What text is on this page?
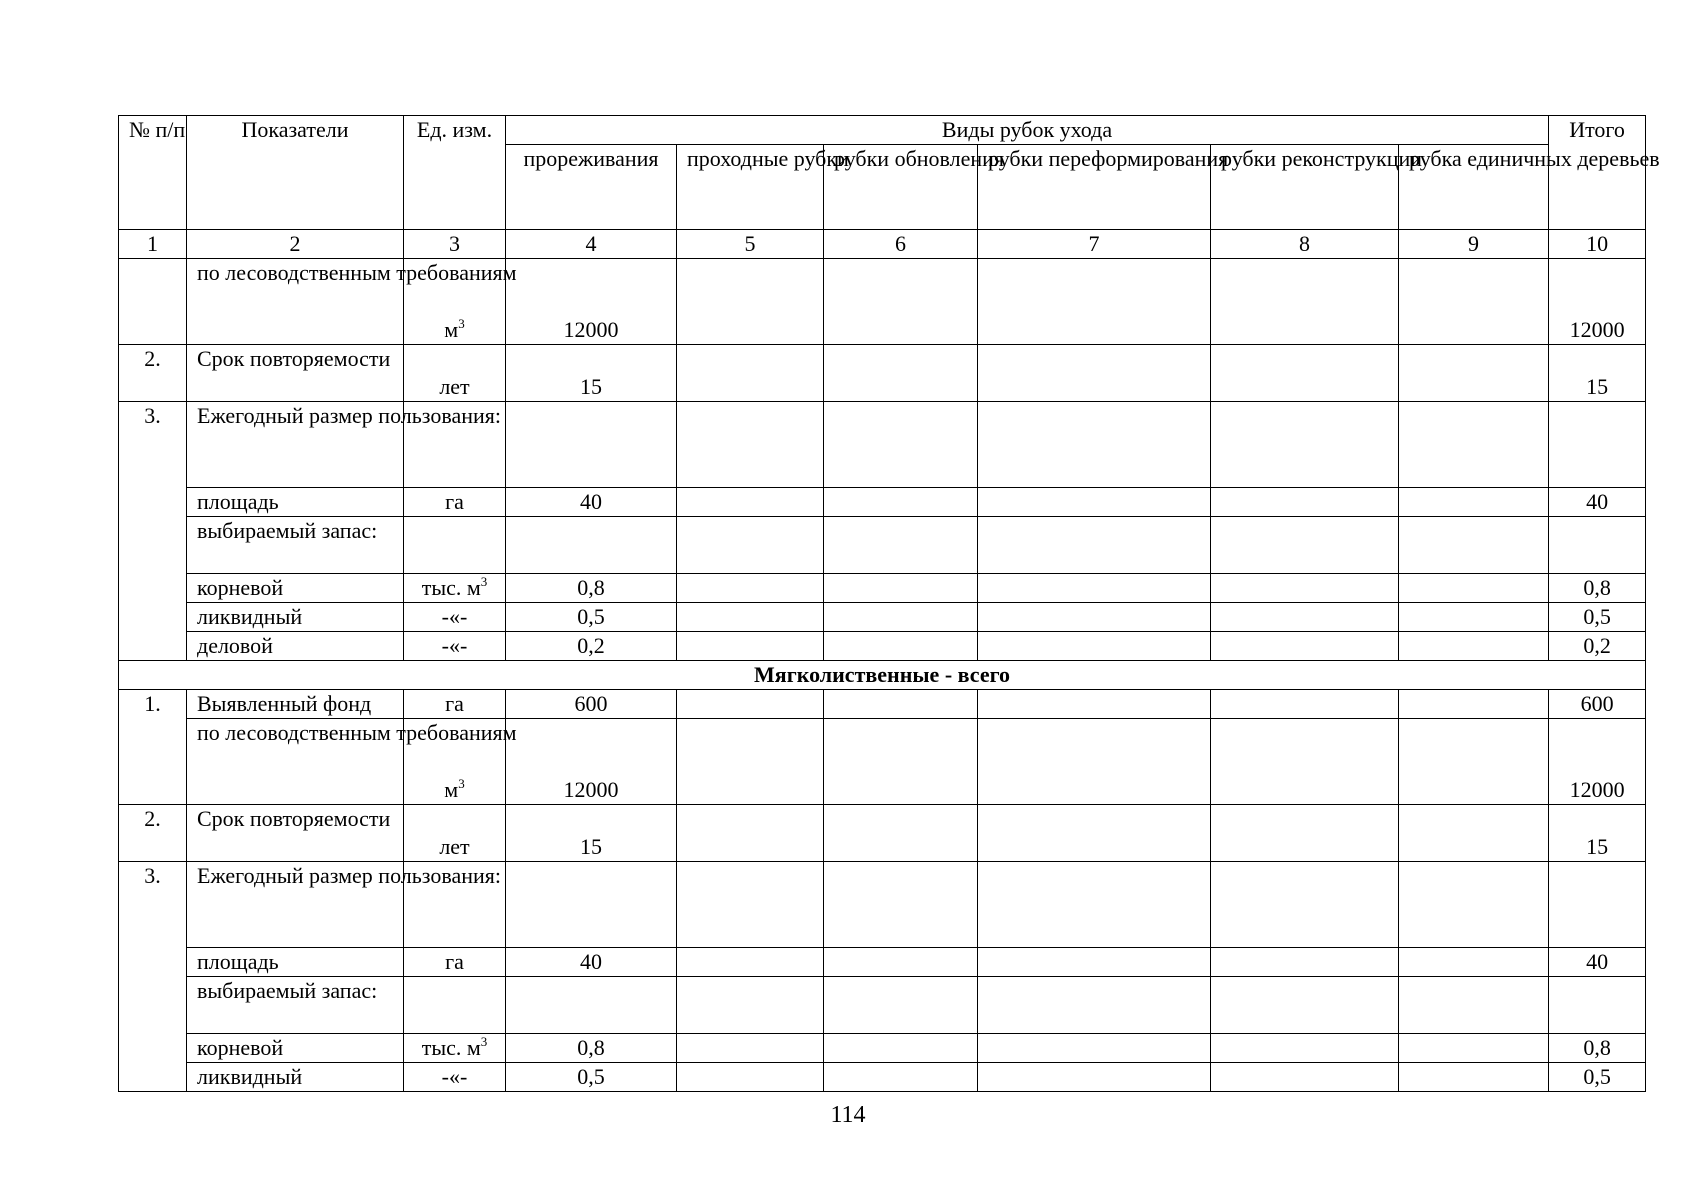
№ п/п	Показатели	Ед. изм.	Виды рубок ухода						Итого
			прореживания	проходные рубки	рубки обновления	рубки переформирования	рубки реконструкции	рубка единичных деревьев	
1	2	3	4	5	6	7	8	9	10
	по лесоводственным требованиям	$м^3$	12000						12000
2.	Срок повторяемости	лет	15						15
3.	Ежегодный размер пользования:								
	площадь	га	40						40
	выбираемый запас:								
	корневой	тыс. $м^3$	0,8						0,8
	ликвидный	-«-	0,5						0,5
	деловой	-«-	0,2						0,2
Мягколиственные - всего									
1.	Выявленный фонд	га	600						600
	по лесоводственным требованиям	$м^3$	12000						12000
2.	Срок повторяемости	лет	15						15
3.	Ежегодный размер пользования:								
	площадь	га	40						40
	выбираемый запас:								
	корневой	тыс. $м^3$	0,8						0,8
	ликвидный	-«-	0,5						0,5
114
